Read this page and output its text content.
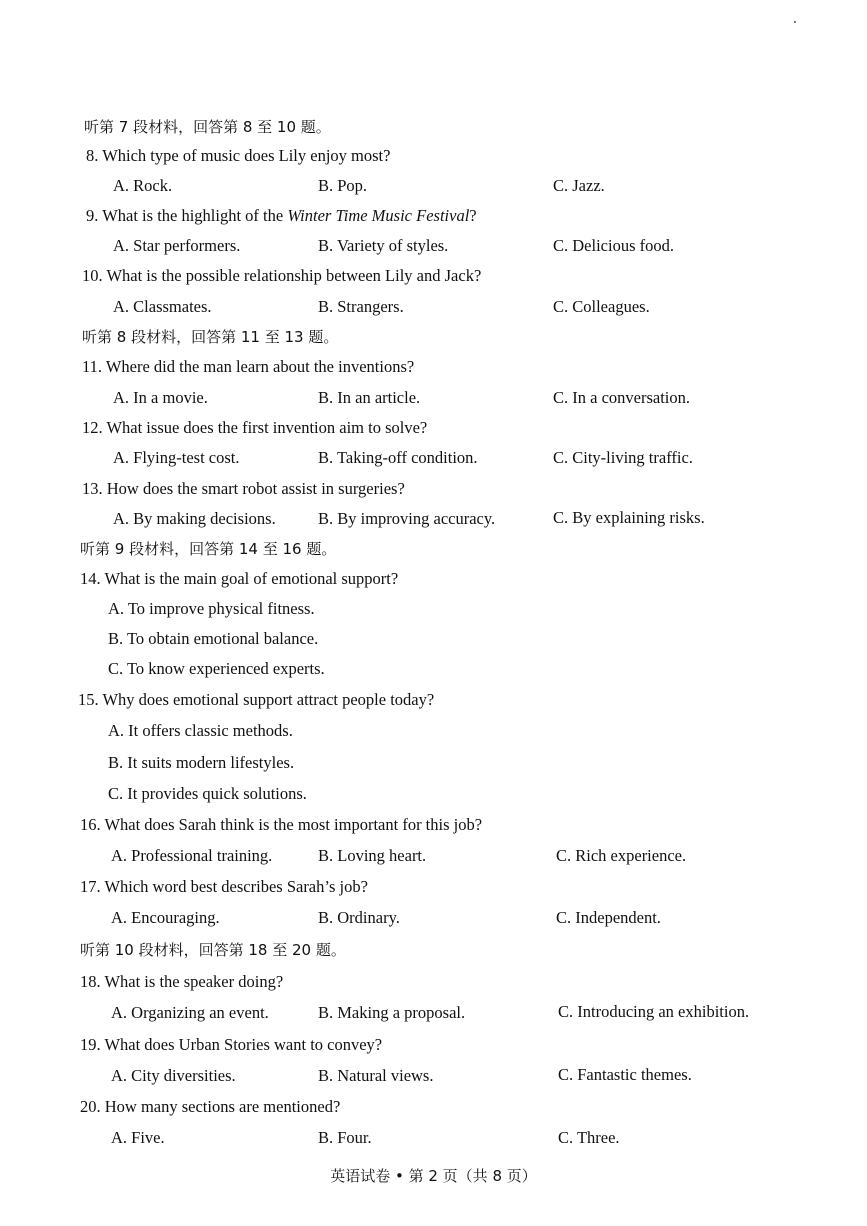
听第 7 段材料，回答第 8 至 10 题。
8. Which type of music does Lily enjoy most?
A. Rock.	B. Pop.	C. Jazz.
9. What is the highlight of the Winter Time Music Festival?
A. Star performers.	B. Variety of styles.	C. Delicious food.
10. What is the possible relationship between Lily and Jack?
A. Classmates.	B. Strangers.	C. Colleagues.
听第 8 段材料，回答第 11 至 13 题。
11. Where did the man learn about the inventions?
A. In a movie.	B. In an article.	C. In a conversation.
12. What issue does the first invention aim to solve?
A. Flying-test cost.	B. Taking-off condition.	C. City-living traffic.
13. How does the smart robot assist in surgeries?
A. By making decisions.	B. By improving accuracy.	C. By explaining risks.
听第 9 段材料，回答第 14 至 16 题。
14. What is the main goal of emotional support?
A. To improve physical fitness.
B. To obtain emotional balance.
C. To know experienced experts.
15. Why does emotional support attract people today?
A. It offers classic methods.
B. It suits modern lifestyles.
C. It provides quick solutions.
16. What does Sarah think is the most important for this job?
A. Professional training.	B. Loving heart.	C. Rich experience.
17. Which word best describes Sarah’s job?
A. Encouraging.	B. Ordinary.	C. Independent.
听第 10 段材料，回答第 18 至 20 题。
18. What is the speaker doing?
A. Organizing an event.	B. Making a proposal.	C. Introducing an exhibition.
19. What does Urban Stories want to convey?
A. City diversities.	B. Natural views.	C. Fantastic themes.
20. How many sections are mentioned?
A. Five.	B. Four.	C. Three.
英语试卷 • 第 2 页（共 8 页）
